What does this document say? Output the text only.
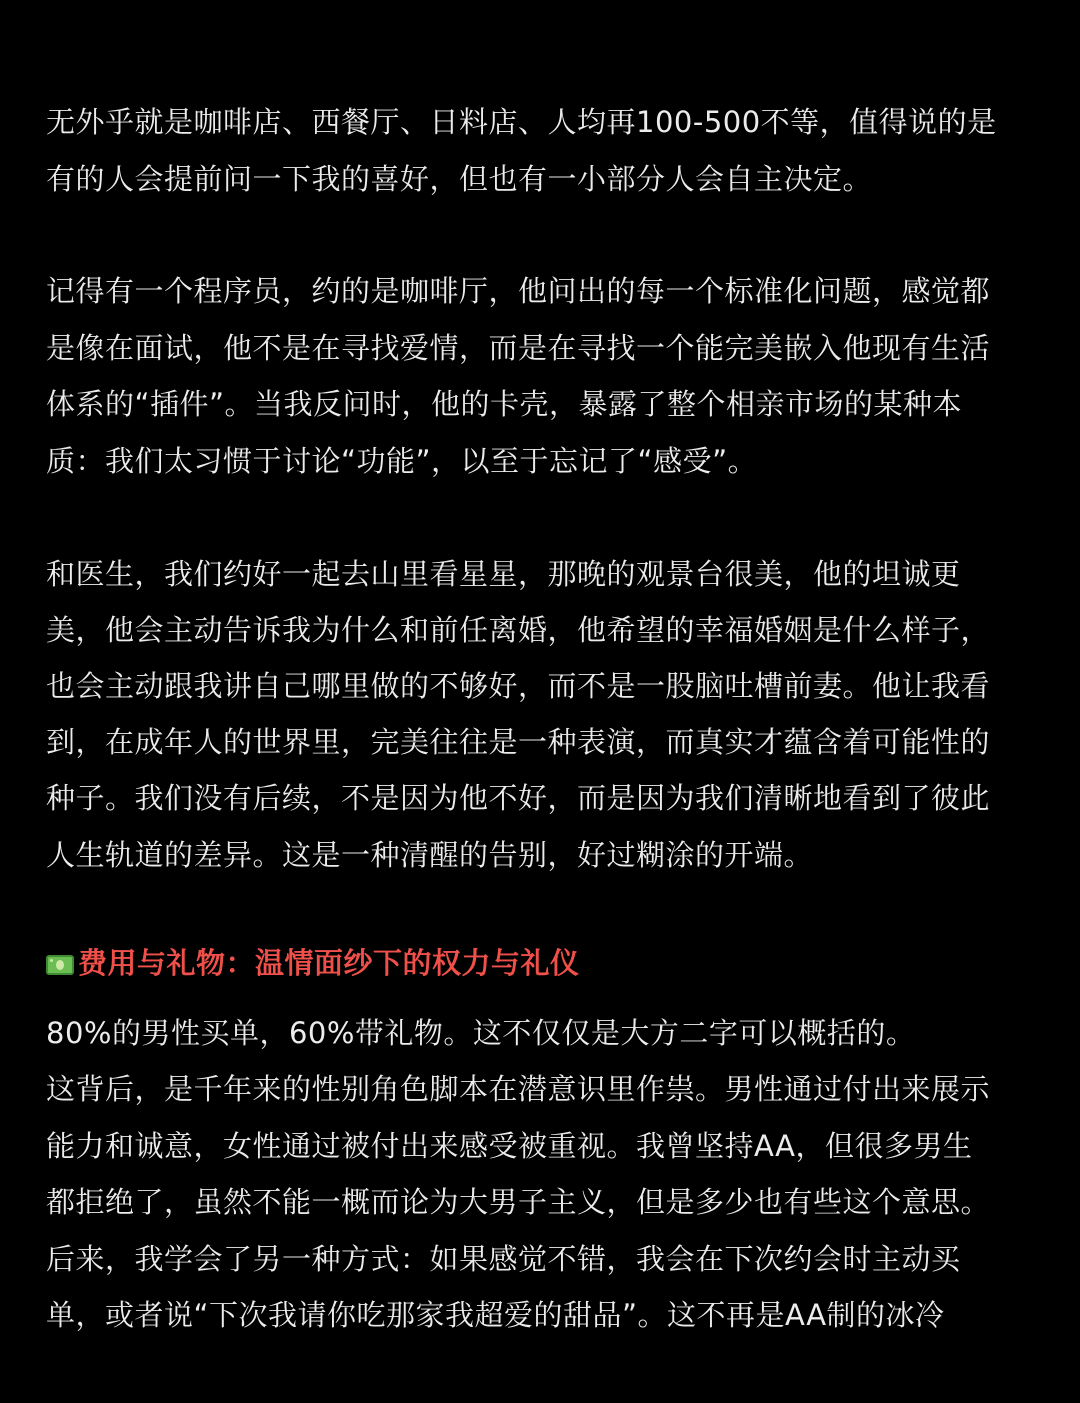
无外乎就是咖啡店、西餐厅、日料店、人均再100-500不等，值得说的是
有的人会提前问一下我的喜好，但也有一小部分人会自主决定。
记得有一个程序员，约的是咖啡厅，他问出的每一个标准化问题，感觉都
是像在面试，他不是在寻找爱情，而是在寻找一个能完美嵌入他现有生活
体系的“插件”。当我反问时，他的卡壳，暴露了整个相亲市场的某种本
质：我们太习惯于讨论“功能”，以至于忘记了“感受”。
和医生，我们约好一起去山里看星星，那晚的观景台很美，他的坦诚更
美，他会主动告诉我为什么和前任离婚，他希望的幸福婚姻是什么样子，
也会主动跟我讲自己哪里做的不够好，而不是一股脑吐槽前妻。他让我看
到，在成年人的世界里，完美往往是一种表演，而真实才蕴含着可能性的
种子。我们没有后续，不是因为他不好，而是因为我们清晰地看到了彼此
人生轨道的差异。这是一种清醒的告别，好过糊涂的开端。
费用与礼物：温情面纱下的权力与礼仪
80%的男性买单，60%带礼物。这不仅仅是大方二字可以概括的。
这背后，是千年来的性别角色脚本在潜意识里作祟。男性通过付出来展示
能力和诚意，女性通过被付出来感受被重视。我曾坚持AA，但很多男生
都拒绝了，虽然不能一概而论为大男子主义，但是多少也有些这个意思。
后来，我学会了另一种方式：如果感觉不错，我会在下次约会时主动买
单，或者说“下次我请你吃那家我超爱的甜品”。这不再是AA制的冰冷
